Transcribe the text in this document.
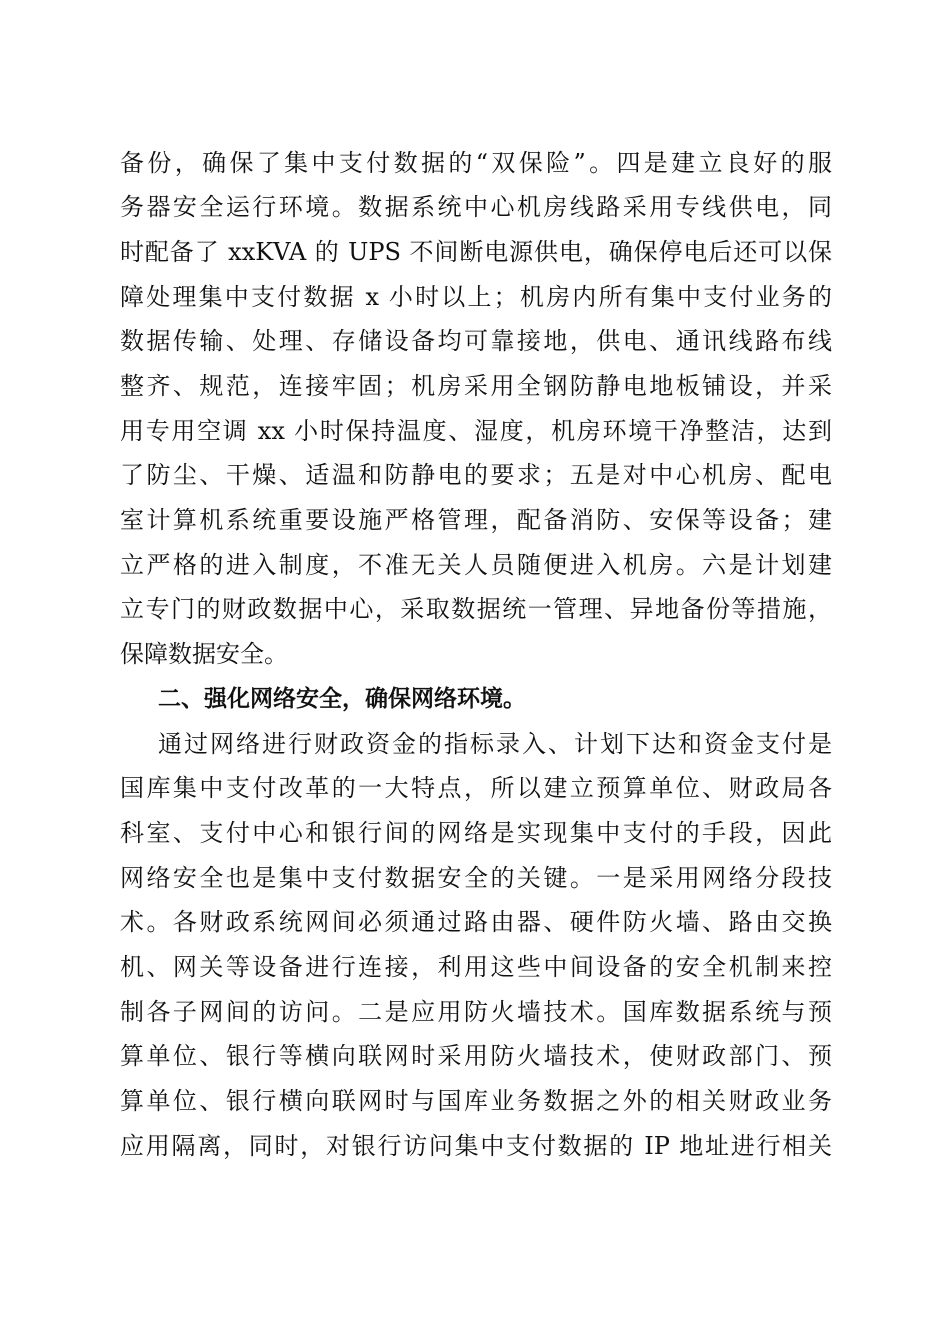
备份，确保了集中支付数据的“双保险”。四是建立良好的服
务器安全运行环境。数据系统中心机房线路采用专线供电，同
时配备了 xxKVA 的 UPS 不间断电源供电，确保停电后还可以保
障处理集中支付数据 x 小时以上；机房内所有集中支付业务的
数据传输、处理、存储设备均可靠接地，供电、通讯线路布线
整齐、规范，连接牢固；机房采用全钢防静电地板铺设，并采
用专用空调 xx 小时保持温度、湿度，机房环境干净整洁，达到
了防尘、干燥、适温和防静电的要求；五是对中心机房、配电
室计算机系统重要设施严格管理，配备消防、安保等设备；建
立严格的进入制度，不准无关人员随便进入机房。六是计划建
立专门的财政数据中心，采取数据统一管理、异地备份等措施，
保障数据安全。
二、强化网络安全，确保网络环境。
通过网络进行财政资金的指标录入、计划下达和资金支付是
国库集中支付改革的一大特点，所以建立预算单位、财政局各
科室、支付中心和银行间的网络是实现集中支付的手段，因此
网络安全也是集中支付数据安全的关键。一是采用网络分段技
术。各财政系统网间必须通过路由器、硬件防火墙、路由交换
机、网关等设备进行连接，利用这些中间设备的安全机制来控
制各子网间的访问。二是应用防火墙技术。国库数据系统与预
算单位、银行等横向联网时采用防火墙技术，使财政部门、预
算单位、银行横向联网时与国库业务数据之外的相关财政业务
应用隔离，同时，对银行访问集中支付数据的 IP 地址进行相关
